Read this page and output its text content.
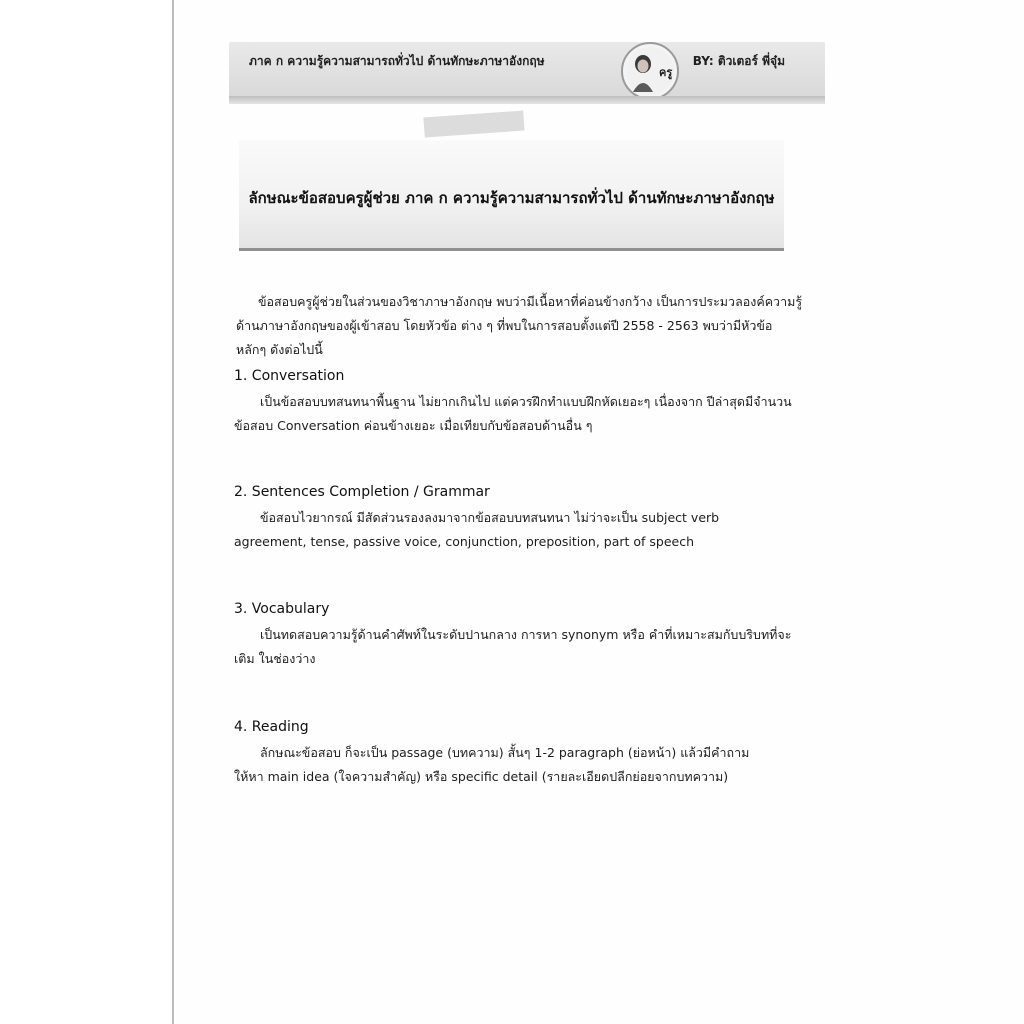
ภาค ก ความรู้ความสามารถทั่วไป ด้านทักษะภาษาอังกฤษ
ครู
BY: ติวเตอร์ พี่จุ๋ม
ลักษณะข้อสอบครูผู้ช่วย ภาค ก ความรู้ความสามารถทั่วไป ด้านทักษะภาษาอังกฤษ
ข้อสอบครูผู้ช่วยในส่วนของวิชาภาษาอังกฤษ พบว่ามีเนื้อหาที่ค่อนข้างกว้าง เป็นการประมวลองค์ความรู้
ด้านภาษาอังกฤษของผู้เข้าสอบ โดยหัวข้อ ต่าง ๆ ที่พบในการสอบตั้งแต่ปี 2558 - 2563 พบว่ามีหัวข้อ
หลักๆ ดังต่อไปนี้
1. Conversation
เป็นข้อสอบบทสนทนาพื้นฐาน ไม่ยากเกินไป แต่ควรฝึกทำแบบฝึกหัดเยอะๆ เนื่องจาก ปีล่าสุดมีจำนวน
ข้อสอบ Conversation ค่อนข้างเยอะ เมื่อเทียบกับข้อสอบด้านอื่น ๆ
2. Sentences Completion / Grammar
ข้อสอบไวยากรณ์ มีสัดส่วนรองลงมาจากข้อสอบบทสนทนา ไม่ว่าจะเป็น subject verb
agreement, tense, passive voice, conjunction, preposition, part of speech
3. Vocabulary
เป็นทดสอบความรู้ด้านคำศัพท์ในระดับปานกลาง การหา synonym หรือ คำที่เหมาะสมกับบริบทที่จะ
เติม ในช่องว่าง
4. Reading
ลักษณะข้อสอบ ก็จะเป็น passage (บทความ) สั้นๆ 1-2 paragraph (ย่อหน้า) แล้วมีคำถาม
ให้หา main idea (ใจความสำคัญ) หรือ specific detail (รายละเอียดปลีกย่อยจากบทความ)
